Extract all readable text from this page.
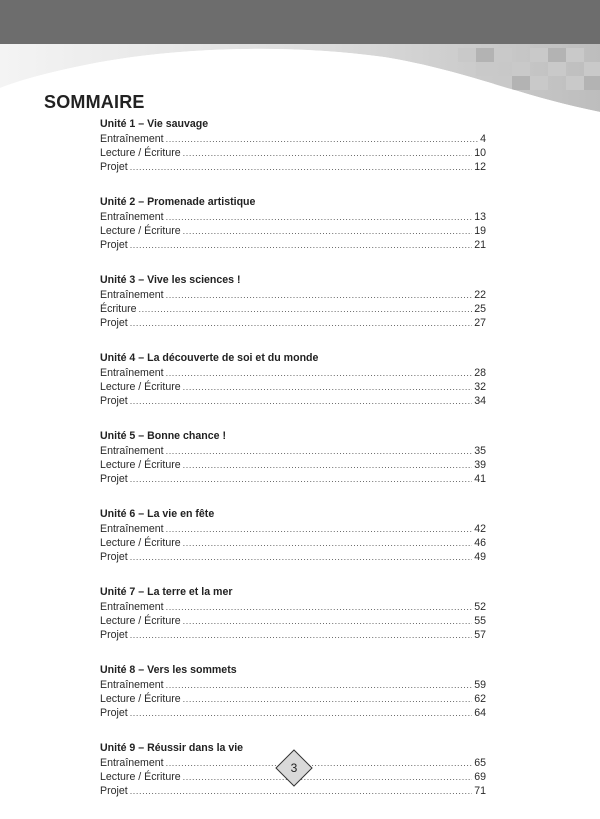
SOMMAIRE
Unité 1 – Vie sauvage
Entraînement .....	4
Lecture / Écriture .....	10
Projet .....	12
Unité 2 – Promenade artistique
Entraînement .....	13
Lecture / Écriture .....	19
Projet .....	21
Unité 3 – Vive les sciences !
Entraînement .....	22
Écriture .....	25
Projet .....	27
Unité 4 – La découverte de soi et du monde
Entraînement .....	28
Lecture / Écriture .....	32
Projet .....	34
Unité 5 – Bonne chance !
Entraînement .....	35
Lecture / Écriture .....	39
Projet .....	41
Unité 6 – La vie en fête
Entraînement .....	42
Lecture / Écriture .....	46
Projet .....	49
Unité 7 – La terre et la mer
Entraînement .....	52
Lecture / Écriture .....	55
Projet .....	57
Unité 8 – Vers les sommets
Entraînement .....	59
Lecture / Écriture .....	62
Projet .....	64
Unité 9 – Réussir dans la vie
Entraînement .....	65
Lecture / Écriture .....	69
Projet .....	71
3
